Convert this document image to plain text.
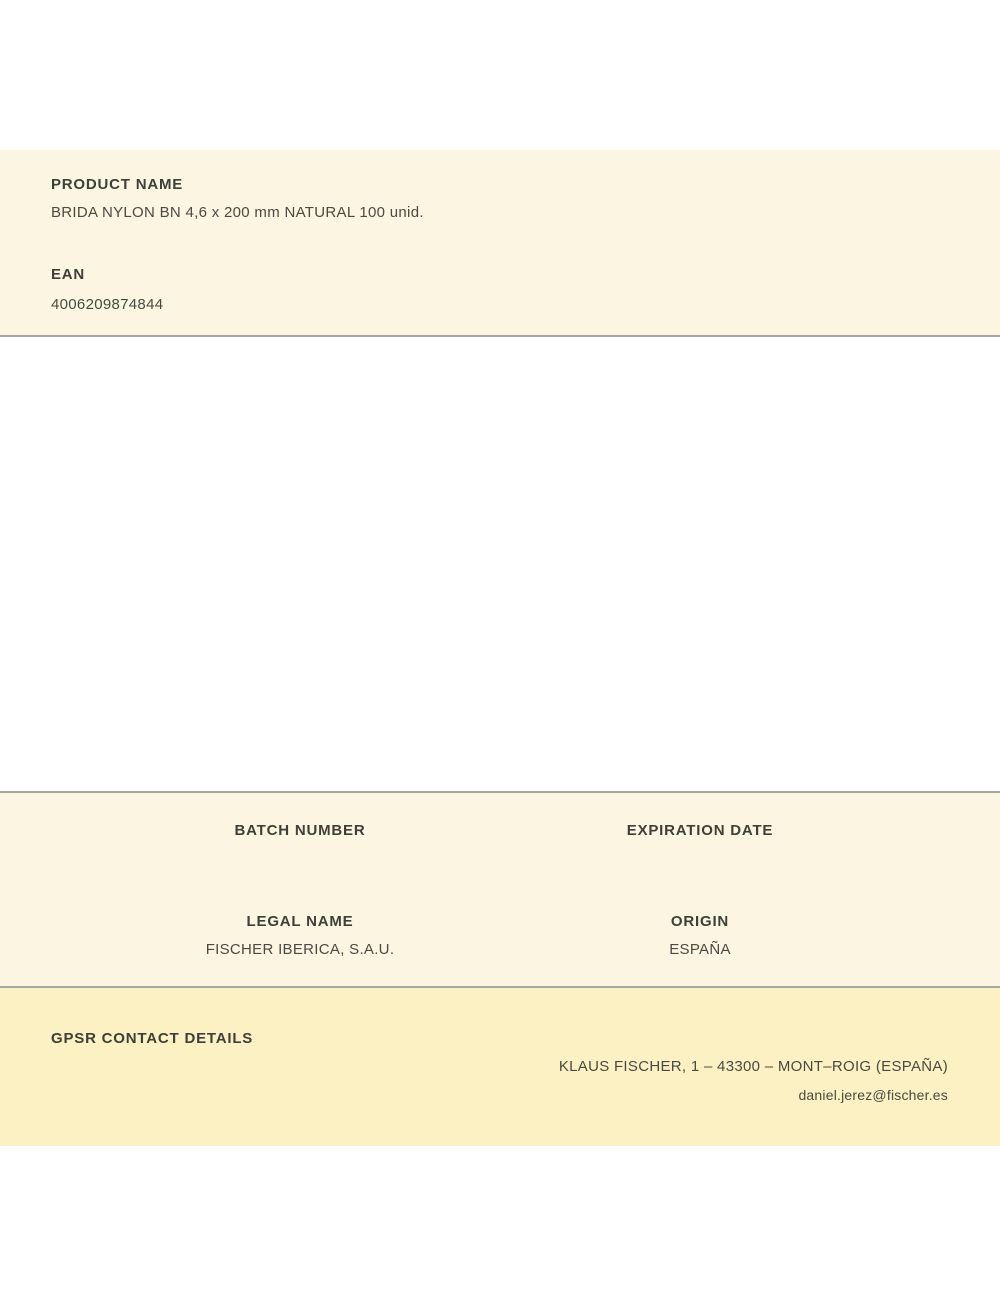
PRODUCT NAME
BRIDA NYLON BN 4,6 x 200 mm NATURAL 100 unid.
EAN
4006209874844
BATCH NUMBER	EXPIRATION DATE
LEGAL NAME
FISCHER IBERICA, S.A.U.
ORIGIN
ESPAÑA
GPSR CONTACT DETAILS
KLAUS FISCHER, 1 – 43300 – MONT–ROIG (ESPAÑA)
daniel.jerez@fischer.es
